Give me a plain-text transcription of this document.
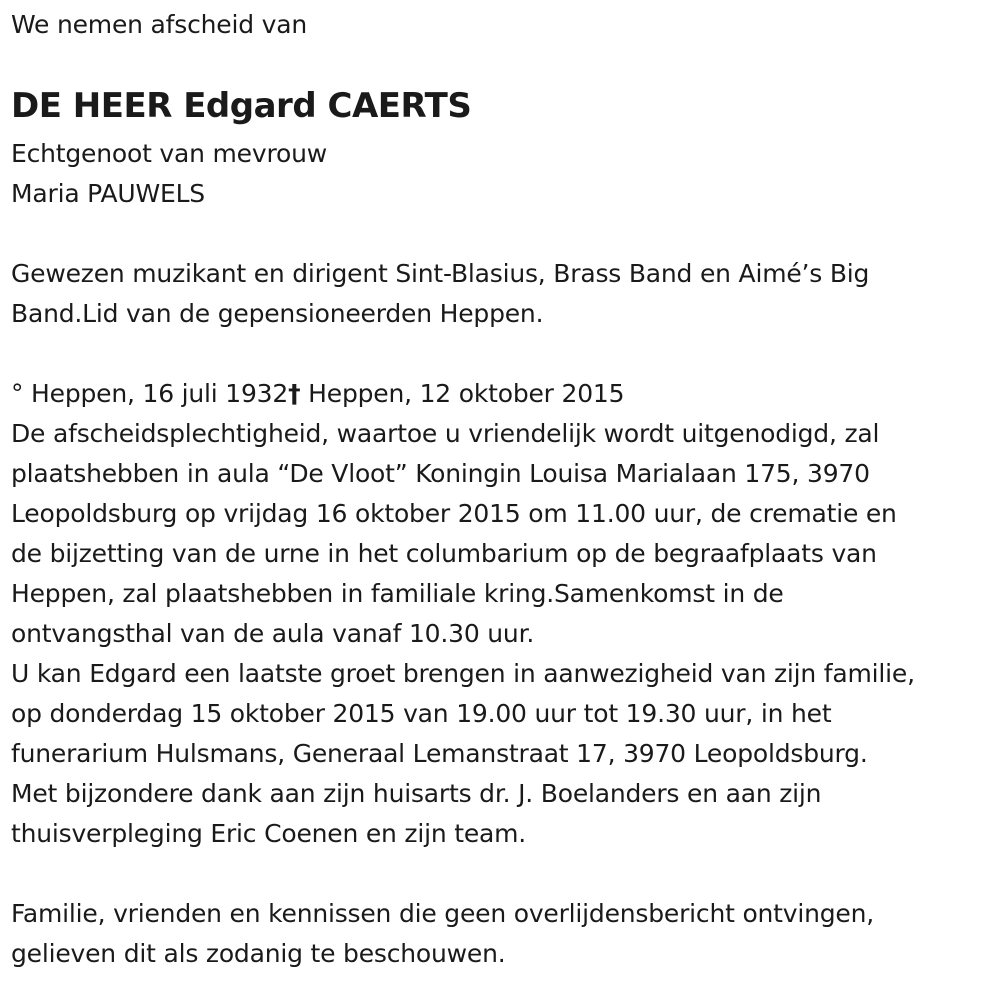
We nemen afscheid van

DE HEER Edgard CAERTS

Echtgenoot van mevrouw

Maria PAUWELS

Gewezen muzikant en dirigent Sint-Blasius, Brass Band en Aimé’s Big

Band.Lid van de gepensioneerden Heppen.

° Heppen, 16 juli 1932† Heppen, 12 oktober 2015

De afscheidsplechtigheid, waartoe u vriendelijk wordt uitgenodigd, zal

plaatshebben in aula “De Vloot” Koningin Louisa Marialaan 175, 3970

Leopoldsburg op vrijdag 16 oktober 2015 om 11.00 uur, de crematie en

de bijzetting van de urne in het columbarium op de begraafplaats van

Heppen, zal plaatshebben in familiale kring.Samenkomst in de

ontvangsthal van de aula vanaf 10.30 uur.

U kan Edgard een laatste groet brengen in aanwezigheid van zijn familie,

op donderdag 15 oktober 2015 van 19.00 uur tot 19.30 uur, in het

funerarium Hulsmans, Generaal Lemanstraat 17, 3970 Leopoldsburg.

Met bijzondere dank aan zijn huisarts dr. J. Boelanders en aan zijn

thuisverpleging Eric Coenen en zijn team.

Familie, vrienden en kennissen die geen overlijdensbericht ontvingen,

gelieven dit als zodanig te beschouwen.
